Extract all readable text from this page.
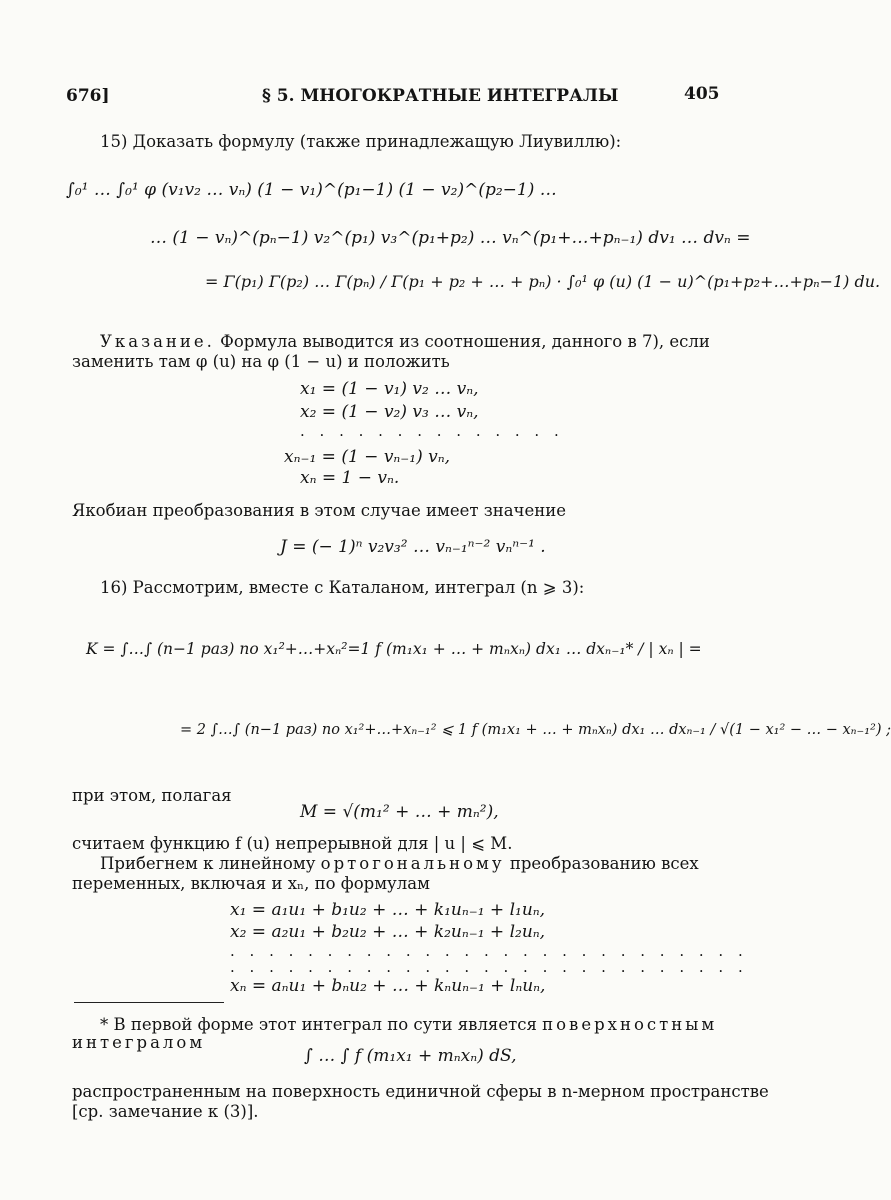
676]	§ 5. МНОГОКРАТНЫЕ ИНТЕГРАЛЫ	405
15) Доказать формулу (также принадлежащую Лиувиллю):
∫₀¹ … ∫₀¹ φ (v₁v₂ … vₙ) (1 − v₁)^(p₁−1) (1 − v₂)^(p₂−1) …
… (1 − vₙ)^(pₙ−1) v₂^(p₁) v₃^(p₁+p₂) … vₙ^(p₁+…+pₙ₋₁) dv₁ … dvₙ =
= Γ(p₁) Γ(p₂) … Γ(pₙ) / Γ(p₁ + p₂ + … + pₙ) · ∫₀¹ φ (u) (1 − u)^(p₁+p₂+…+pₙ−1) du.
Указание. Формула выводится из соотношения, данного в 7), если
заменить там φ (u) на φ (1 − u) и положить
x₁ = (1 − v₁) v₂ … vₙ,
x₂ = (1 − v₂) v₃ … vₙ,
. . . . . . . . . . . . . .
xₙ₋₁ = (1 − vₙ₋₁) vₙ,
xₙ = 1 − vₙ.
Якобиан преобразования в этом случае имеет значение
J = (− 1)ⁿ v₂v₃² … vₙ₋₁ⁿ⁻² vₙⁿ⁻¹ .
16) Рассмотрим, вместе с Каталаном, интеграл (n ⩾ 3):
K = ∫…∫ (n−1 раз) по x₁²+…+xₙ²=1 f (m₁x₁ + … + mₙxₙ) dx₁ … dxₙ₋₁* / | xₙ | =
= 2 ∫…∫ (n−1 раз) по x₁²+…+xₙ₋₁² ⩽ 1 f (m₁x₁ + … + mₙxₙ) dx₁ … dxₙ₋₁ / √(1 − x₁² − … − xₙ₋₁²) ;
при этом, полагая
M = √(m₁² + … + mₙ²),
считаем функцию f (u) непрерывной для | u | ⩽ M.
Прибегнем к линейному ортогональному преобразованию всех
переменных, включая и xₙ, по формулам
x₁ = a₁u₁ + b₁u₂ + … + k₁uₙ₋₁ + l₁uₙ,
x₂ = a₂u₁ + b₂u₂ + … + k₂uₙ₋₁ + l₂uₙ,
. . . . . . . . . . . . . . . . . . . . . . . . . . .
. . . . . . . . . . . . . . . . . . . . . . . . . . .
xₙ = aₙu₁ + bₙu₂ + … + kₙuₙ₋₁ + lₙuₙ,
* В первой форме этот интеграл по сути является поверхностным
интегралом
∫ … ∫ f (m₁x₁ + mₙxₙ) dS,
распространенным на поверхность единичной сферы в n-мерном пространстве
[ср. замечание к (3)].
